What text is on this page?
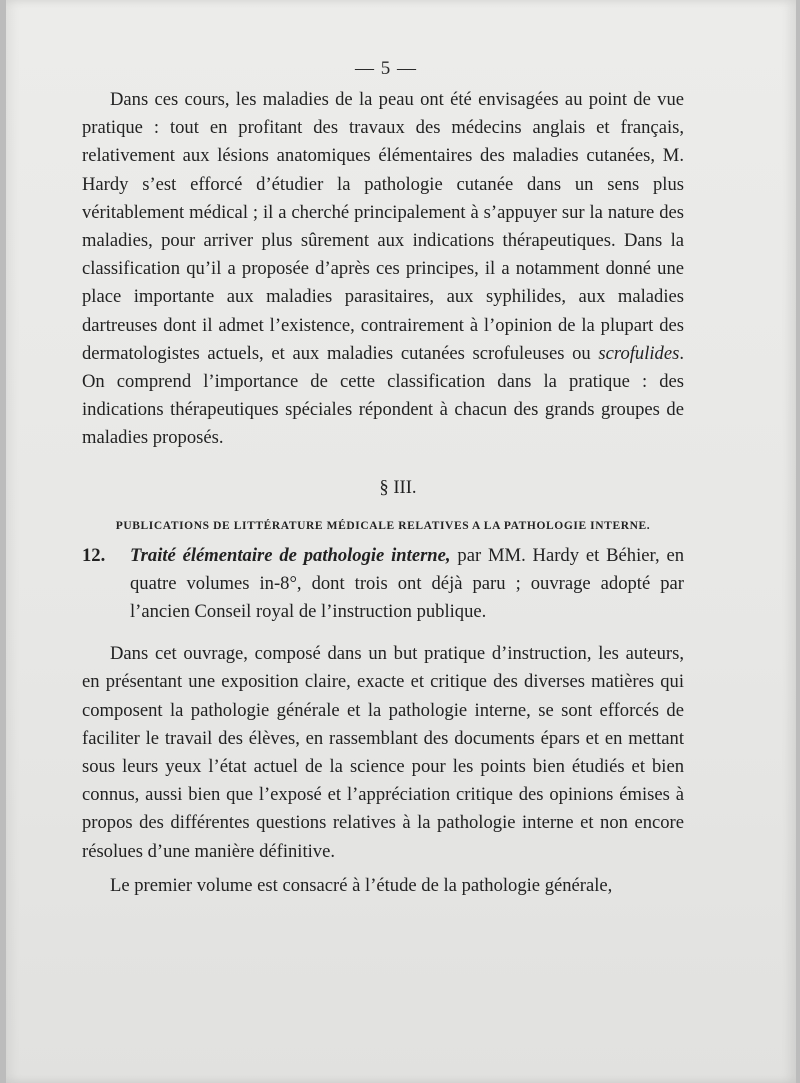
— 5 —

Dans ces cours, les maladies de la peau ont été envisagées au point de vue pratique : tout en profitant des travaux des médecins anglais et français, relativement aux lésions anatomiques élémentaires des maladies cutanées, M. Hardy s’est efforcé d’étudier la pathologie cutanée dans un sens plus véritablement médical ; il a cherché principalement à s’appuyer sur la nature des maladies, pour arriver plus sûrement aux indications thérapeutiques. Dans la classification qu’il a proposée d’après ces principes, il a notamment donné une place importante aux maladies parasitaires, aux syphilides, aux maladies dartreuses dont il admet l’existence, contrairement à l’opinion de la plupart des dermatologistes actuels, et aux maladies cutanées scrofuleuses ou scrofulides. On comprend l’importance de cette classification dans la pratique : des indications thérapeutiques spéciales répondent à chacun des grands groupes de maladies proposés.

§ III.
PUBLICATIONS DE LITTÉRATURE MÉDICALE RELATIVES A LA PATHOLOGIE INTERNE.
12. Traité élémentaire de pathologie interne, par MM. Hardy et Béhier, en quatre volumes in-8°, dont trois ont déjà paru ; ouvrage adopté par l’ancien Conseil royal de l’instruction publique.

Dans cet ouvrage, composé dans un but pratique d’instruction, les auteurs, en présentant une exposition claire, exacte et critique des diverses matières qui composent la pathologie générale et la pathologie interne, se sont efforcés de faciliter le travail des élèves, en rassemblant des documents épars et en mettant sous leurs yeux l’état actuel de la science pour les points bien étudiés et bien connus, aussi bien que l’exposé et l’appréciation critique des opinions émises à propos des différentes questions relatives à la pathologie interne et non encore résolues d’une manière définitive.

Le premier volume est consacré à l’étude de la pathologie générale,
